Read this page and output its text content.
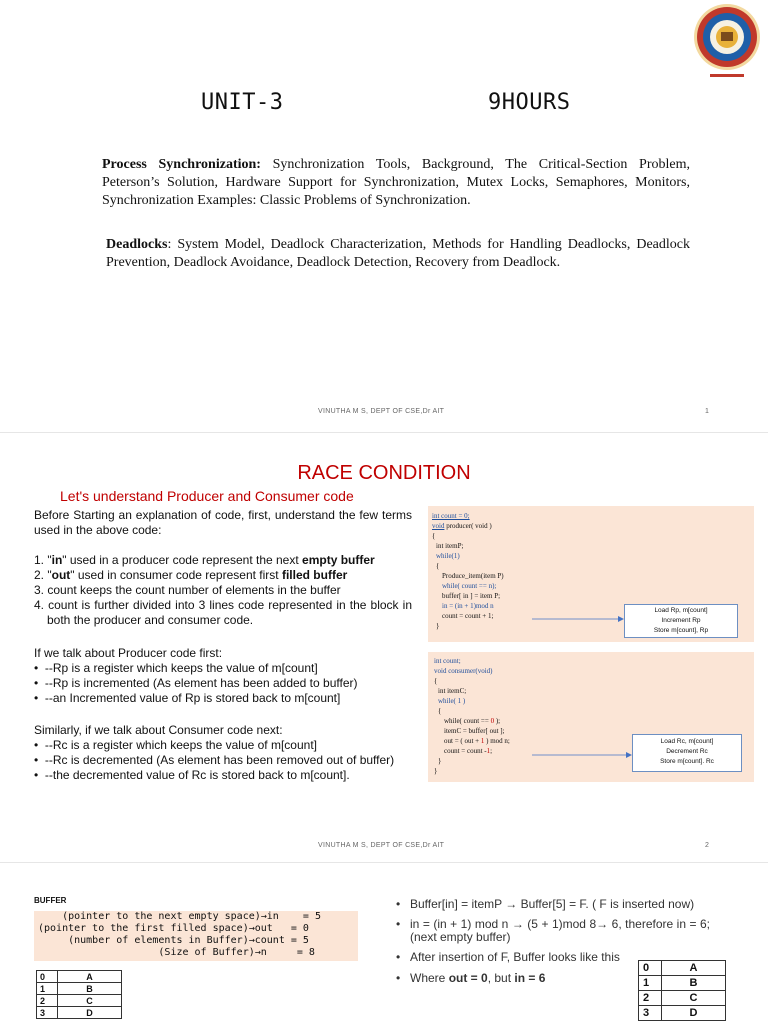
UNIT-3	9HOURS
Process Synchronization: Synchronization Tools, Background, The Critical-Section Problem, Peterson’s Solution, Hardware Support for Synchronization, Mutex Locks, Semaphores, Monitors, Synchronization Examples: Classic Problems of Synchronization.
Deadlocks: System Model, Deadlock Characterization, Methods for Handling Deadlocks, Deadlock Prevention, Deadlock Avoidance, Deadlock Detection, Recovery from Deadlock.
VINUTHA M S, DEPT OF CSE,Dr AIT	1
RACE CONDITION
Let's understand Producer and Consumer code
Before Starting an explanation of code, first, understand the few terms used in the above code:
1. "in" used in a producer code represent the next empty buffer
2. "out" used in consumer code represent first filled buffer
3. count keeps the count number of elements in the buffer
4. count is further divided into 3 lines code represented in the block in both the producer and consumer code.
If we talk about Producer code first:
•  --Rp is a register which keeps the value of m[count]
•  --Rp is incremented (As element has been added to buffer)
•  --an Incremented value of Rp is stored back to m[count]
Similarly, if we talk about Consumer code next:
•  --Rc is a register which keeps the value of m[count]
•  --Rc is decremented (As element has been removed out of buffer)
•  --the decremented value of Rc is stored back to m[count].
int count = 0;
void producer( void )
{
int itemP;
while(1)
{
Produce_item(item P)
while( count == n);
buffer[ in ] = item P;
in = (in + 1)mod n
count = count + 1;
}
Load Rp, m[count]
Increment Rp
Store m[count], Rp
int count;
void consumer(void)
{
int itemC;
while( 1 )
{
while( count == 0 );
itemC = buffer[ out ];
out = ( out + 1 ) mod n;
count = count -1;
}
}
Load Rc, m[count]
Decrement Rc
Store m[count]. Rc
VINUTHA M S, DEPT OF CSE,Dr AIT	2
BUFFER
(pointer to the next empty space)→in    = 5
(pointer to the first filled space)→out   = 0
(number of elements in Buffer)→count = 5
(Size of Buffer)→n     = 8
0	A
1	B
2	C
3	D
• Buffer[in] = itemP → Buffer[5] = F. ( F is inserted now)
• in = (in + 1) mod n → (5 + 1)mod 8→ 6, therefore in = 6; (next empty buffer)
• After insertion of F, Buffer looks like this
• Where out = 0, but in = 6
0	A
1	B
2	C
3	D
